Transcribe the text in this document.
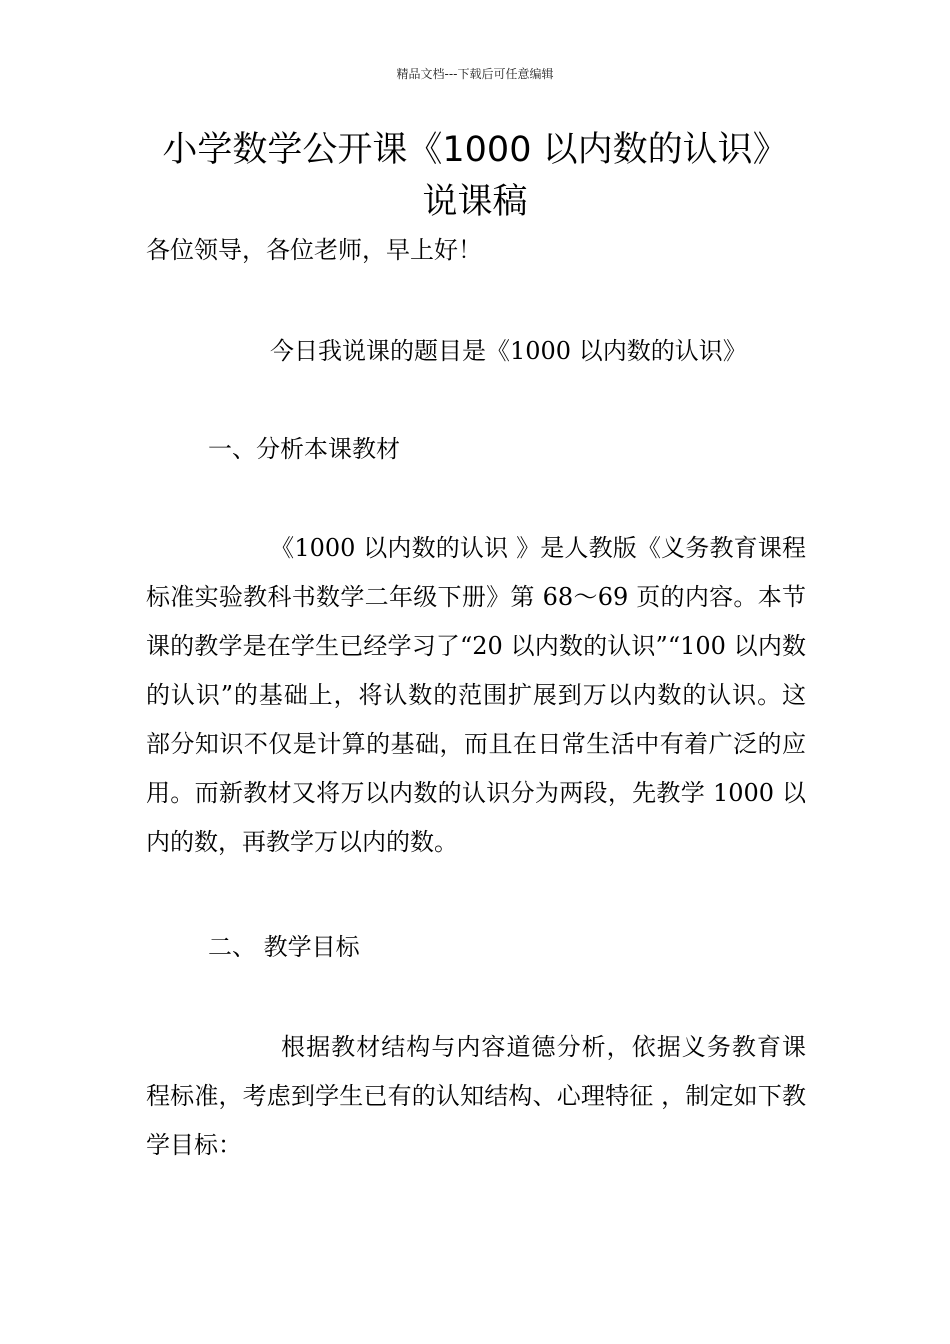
精品文档---下载后可任意编辑
小学数学公开课《1000 以内数的认识》
说课稿
各位领导，各位老师，早上好！
今日我说课的题目是《1000 以内数的认识》
一、分析本课教材
《1000 以内数的认识 》是人教版《义务教育课程标准实验教科书数学二年级下册》第 68～69 页的内容。本节课的教学是在学生已经学习了“20 以内数的认识”“100 以内数的认识”的基础上，将认数的范围扩展到万以内数的认识。这部分知识不仅是计算的基础，而且在日常生活中有着广泛的应用。而新教材又将万以内数的认识分为两段，先教学 1000 以内的数，再教学万以内的数。
二、 教学目标
根据教材结构与内容道德分析，依据义务教育课程标准，考虑到学生已有的认知结构、心理特征 ，制定如下教学目标：
